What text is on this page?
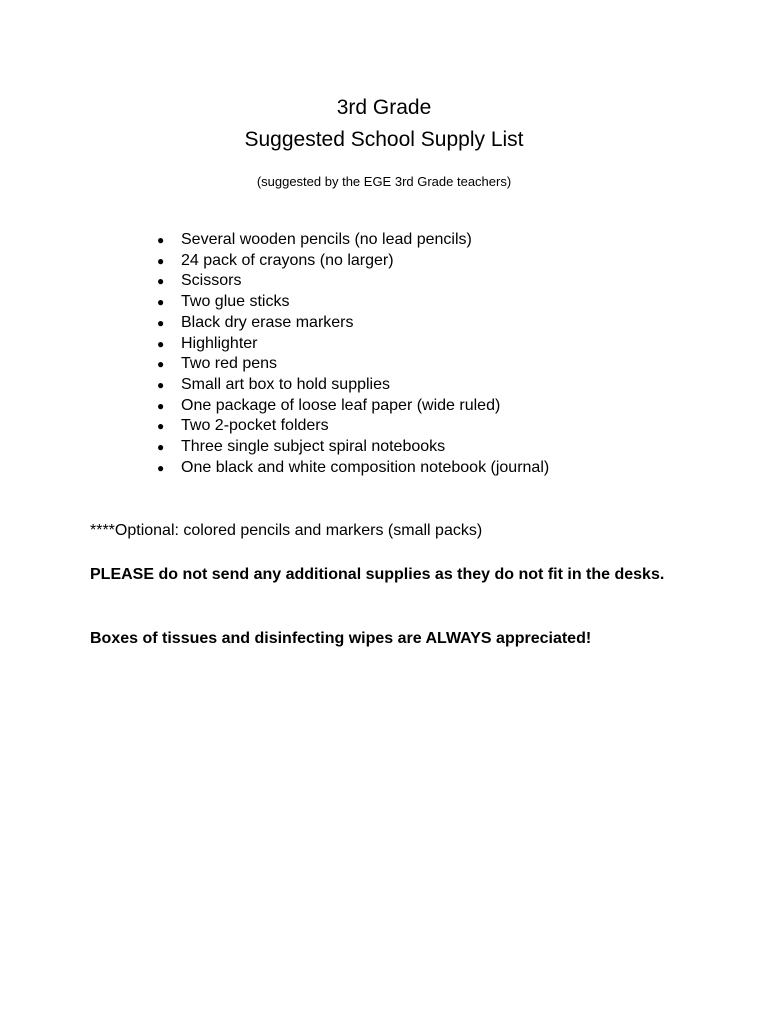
3rd Grade
Suggested School Supply List
(suggested by the EGE 3rd Grade teachers)
●	Several wooden pencils (no lead pencils)
●	24 pack of crayons (no larger)
●	Scissors
●	Two glue sticks
●	Black dry erase markers
●	Highlighter
●	Two red pens
●	Small art box to hold supplies
●	One package of loose leaf paper (wide ruled)
●	Two 2-pocket folders
●	Three single subject spiral notebooks
●	One black and white composition notebook (journal)
****Optional: colored pencils and markers (small packs)
PLEASE do not send any additional supplies as they do not fit in the desks.
Boxes of tissues and disinfecting wipes are ALWAYS appreciated!
